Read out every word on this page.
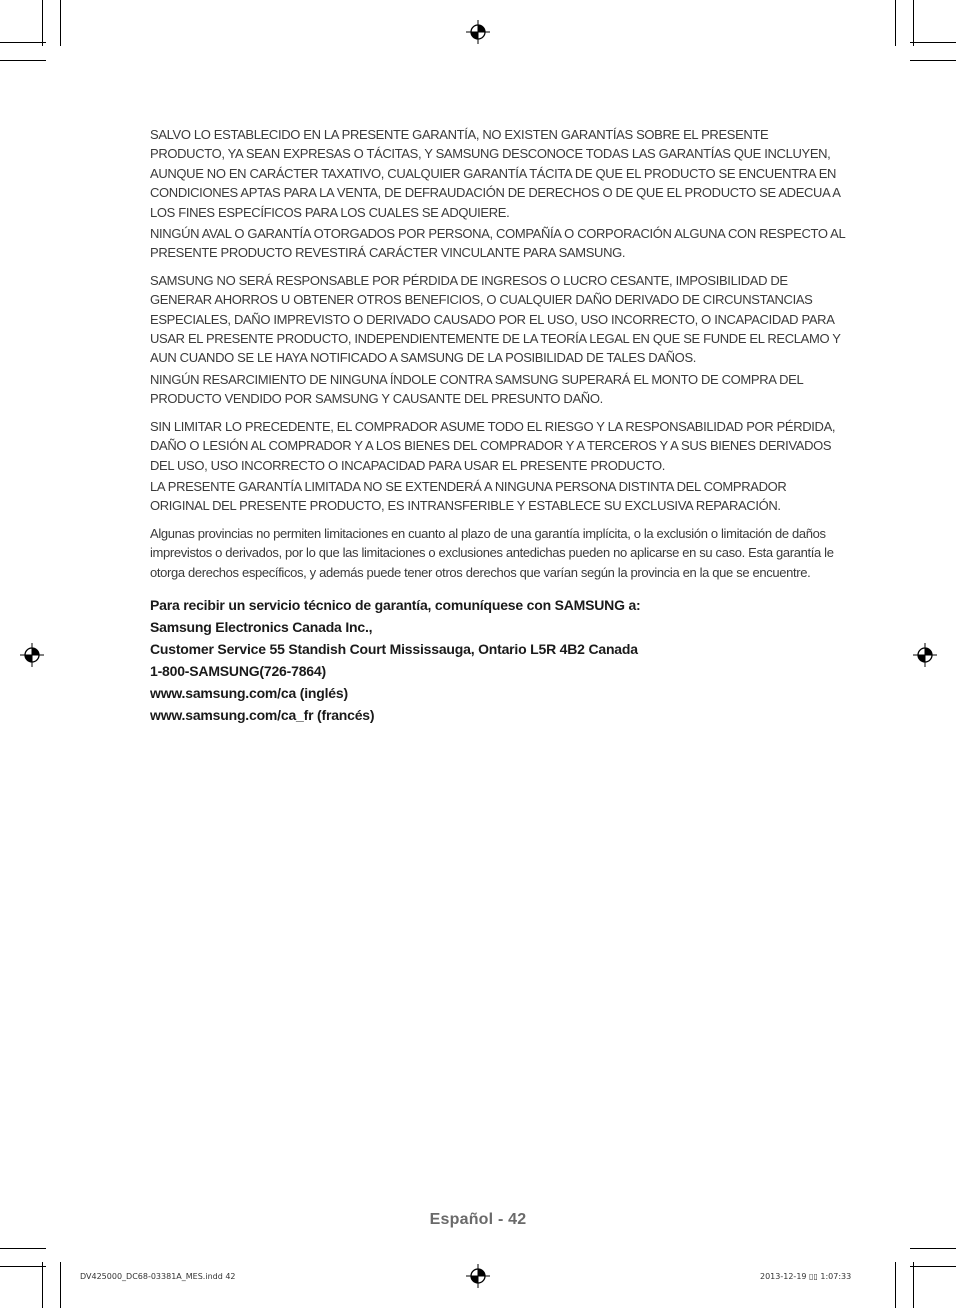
SALVO LO ESTABLECIDO EN LA PRESENTE GARANTÍA, NO EXISTEN GARANTÍAS SOBRE EL PRESENTE PRODUCTO, YA SEAN EXPRESAS O TÁCITAS, Y SAMSUNG DESCONOCE TODAS LAS GARANTÍAS QUE INCLUYEN, AUNQUE NO EN CARÁCTER TAXATIVO, CUALQUIER GARANTÍA TÁCITA DE QUE EL PRODUCTO SE ENCUENTRA EN CONDICIONES APTAS PARA LA VENTA, DE DEFRAUDACIÓN DE DERECHOS O DE QUE EL PRODUCTO SE ADECUA A LOS FINES ESPECÍFICOS PARA LOS CUALES SE ADQUIERE.

NINGÚN AVAL O GARANTÍA OTORGADOS POR PERSONA, COMPAÑÍA O CORPORACIÓN ALGUNA CON RESPECTO AL PRESENTE PRODUCTO REVESTIRÁ CARÁCTER VINCULANTE PARA SAMSUNG.

SAMSUNG NO SERÁ RESPONSABLE POR PÉRDIDA DE INGRESOS O LUCRO CESANTE, IMPOSIBILIDAD DE GENERAR AHORROS U OBTENER OTROS BENEFICIOS, O CUALQUIER DAÑO DERIVADO DE CIRCUNSTANCIAS ESPECIALES, DAÑO IMPREVISTO O DERIVADO CAUSADO POR EL USO, USO INCORRECTO, O INCAPACIDAD PARA USAR EL PRESENTE PRODUCTO, INDEPENDIENTEMENTE DE LA TEORÍA LEGAL EN QUE SE FUNDE EL RECLAMO Y AUN CUANDO SE LE HAYA NOTIFICADO A SAMSUNG DE LA POSIBILIDAD DE TALES DAÑOS.

NINGÚN RESARCIMIENTO DE NINGUNA ÍNDOLE CONTRA SAMSUNG SUPERARÁ EL MONTO DE COMPRA DEL PRODUCTO VENDIDO POR SAMSUNG Y CAUSANTE DEL PRESUNTO DAÑO.

SIN LIMITAR LO PRECEDENTE, EL COMPRADOR ASUME TODO EL RIESGO Y LA RESPONSABILIDAD POR PÉRDIDA, DAÑO O LESIÓN AL COMPRADOR Y A LOS BIENES DEL COMPRADOR Y A TERCEROS Y A SUS BIENES DERIVADOS DEL USO, USO INCORRECTO O INCAPACIDAD PARA USAR EL PRESENTE PRODUCTO.

LA PRESENTE GARANTÍA LIMITADA NO SE EXTENDERÁ A NINGUNA PERSONA DISTINTA DEL COMPRADOR ORIGINAL DEL PRESENTE PRODUCTO, ES INTRANSFERIBLE Y ESTABLECE SU EXCLUSIVA REPARACIÓN.

Algunas provincias no permiten limitaciones en cuanto al plazo de una garantía implícita, o la exclusión o limitación de daños imprevistos o derivados, por lo que las limitaciones o exclusiones antedichas pueden no aplicarse en su caso. Esta garantía le otorga derechos específicos, y además puede tener otros derechos que varían según la provincia en la que se encuentre.

Para recibir un servicio técnico de garantía, comuníquese con SAMSUNG a:
Samsung Electronics Canada Inc.,
Customer Service 55 Standish Court Mississauga, Ontario L5R 4B2 Canada
1-800-SAMSUNG(726-7864)
www.samsung.com/ca (inglés)
www.samsung.com/ca_fr (francés)
Español - 42
DV425000_DC68-03381A_MES.indd 42	2013-12-19 ▯▯ 1:07:33
